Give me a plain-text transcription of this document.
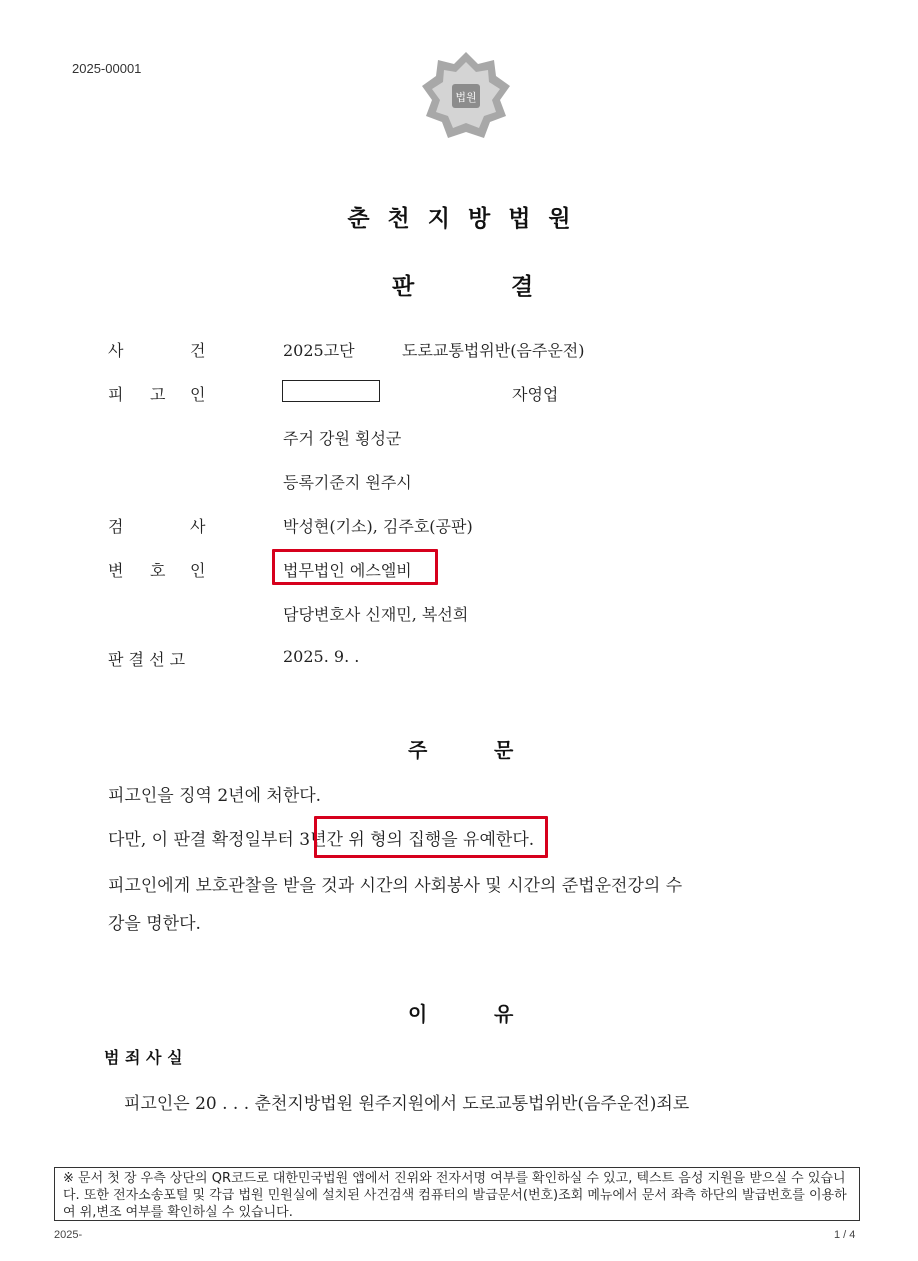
2025-00001
법원
춘천지방법원
판	결
사	건	2025고단	도로교통법위반(음주운전)
피 고 인	자영업
주거 강원 횡성군
등록기준지 원주시
검	사	박성현(기소), 김주호(공판)
변 호 인	법무법인 에스엘비
담당변호사 신재민, 복선희
판 결 선 고	2025. 9. .
주	문
피고인을 징역 2년에 처한다.
다만, 이 판결 확정일부터 3년간 위 형의 집행을 유예한다.
피고인에게 보호관찰을 받을 것과 시간의 사회봉사 및 시간의 준법운전강의 수
강을 명한다.
이	유
범 죄 사 실
피고인은 20 . . . 춘천지방법원 원주지원에서 도로교통법위반(음주운전)죄로
※ 문서 첫 장 우측 상단의 QR코드로 대한민국법원 앱에서 진위와 전자서명 여부를 확인하실 수 있고, 텍스트 음성 지원을 받으실 수 있습니다. 또한 전자소송포털 및 각급 법원 민원실에 설치된 사건검색 컴퓨터의 발급문서(번호)조회 메뉴에서 문서 좌측 하단의 발급번호를 이용하여 위,변조 여부를 확인하실 수 있습니다.
2025-	1 / 4
